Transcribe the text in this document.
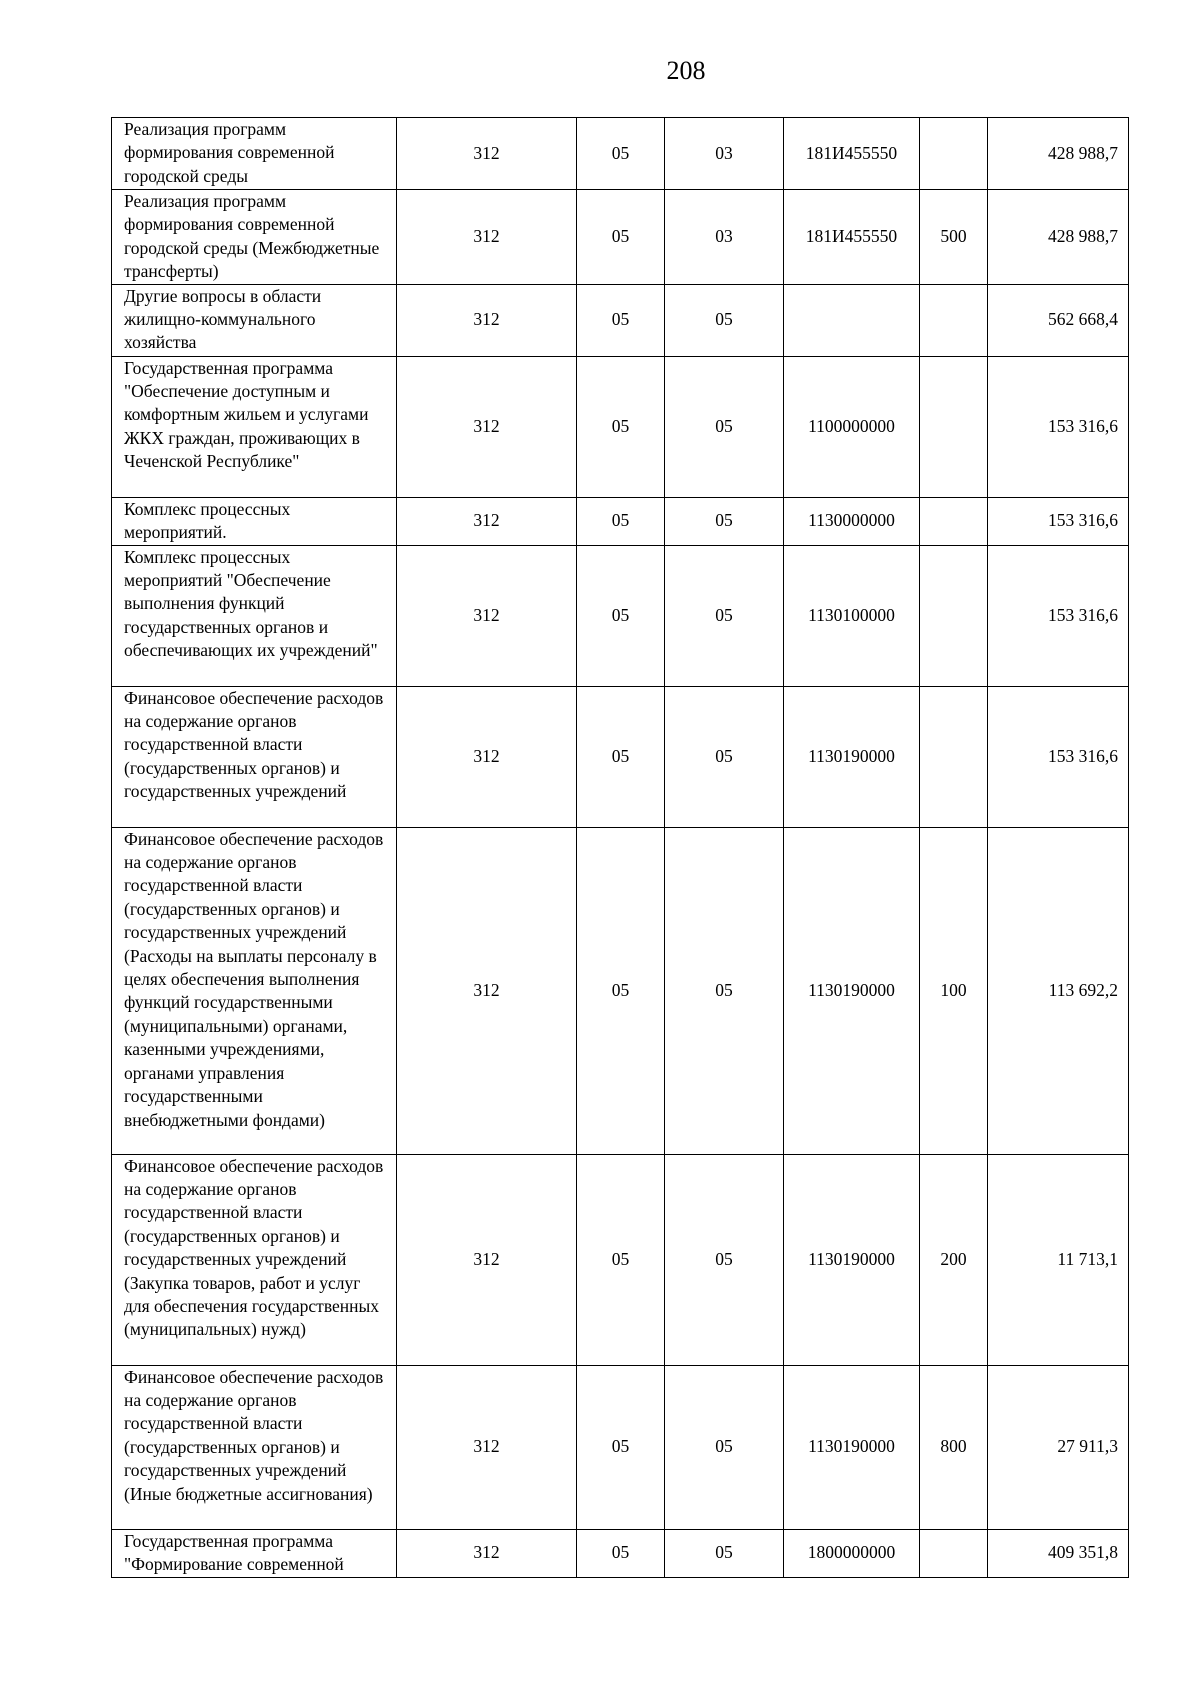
208
Реализация программ формирования современной городской среды	312	05	03	181И455550		428 988,7
Реализация программ формирования современной городской среды (Межбюджетные трансферты)	312	05	03	181И455550	500	428 988,7
Другие вопросы в области жилищно-коммунального хозяйства	312	05	05			562 668,4
Государственная программа "Обеспечение доступным и комфортным жильем и услугами ЖКХ граждан, проживающих в Чеченской Республике"	312	05	05	1100000000		153 316,6
Комплекс процессных мероприятий.	312	05	05	1130000000		153 316,6
Комплекс процессных мероприятий "Обеспечение выполнения функций государственных органов и обеспечивающих их учреждений"	312	05	05	1130100000		153 316,6
Финансовое обеспечение расходов на содержание органов государственной власти (государственных органов) и государственных учреждений	312	05	05	1130190000		153 316,6
Финансовое обеспечение расходов на содержание органов государственной власти (государственных органов) и государственных учреждений (Расходы на выплаты персоналу в целях обеспечения выполнения функций государственными (муниципальными) органами, казенными учреждениями, органами управления государственными внебюджетными фондами)	312	05	05	1130190000	100	113 692,2
Финансовое обеспечение расходов на содержание органов государственной власти (государственных органов) и государственных учреждений (Закупка товаров, работ и услуг для обеспечения государственных (муниципальных) нужд)	312	05	05	1130190000	200	11 713,1
Финансовое обеспечение расходов на содержание органов государственной власти (государственных органов) и государственных учреждений (Иные бюджетные ассигнования)	312	05	05	1130190000	800	27 911,3
Государственная программа "Формирование современной	312	05	05	1800000000		409 351,8
